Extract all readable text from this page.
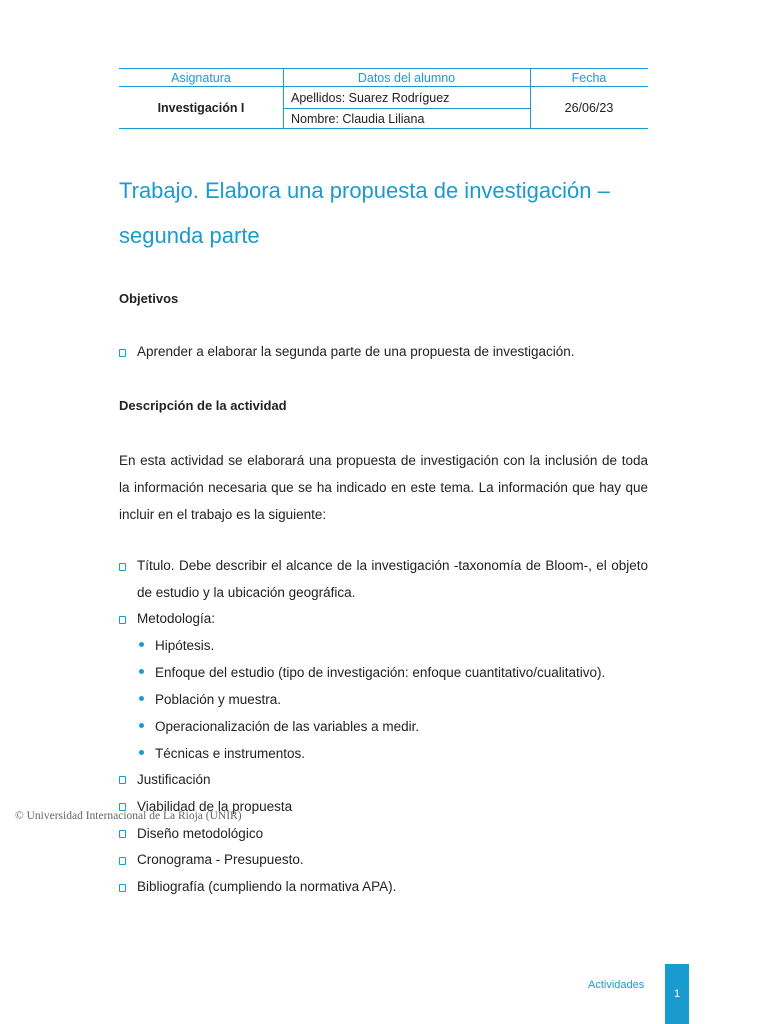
Asignatura	Datos del alumno	Fecha
Investigación I
Apellidos: Suarez Rodríguez
Nombre: Claudia Liliana
26/06/23
Trabajo. Elabora una propuesta de investigación –
segunda parte
Objetivos
Aprender a elaborar la segunda parte de una propuesta de investigación.
Descripción de la actividad

En esta actividad se elaborará una propuesta de investigación con la inclusión de toda la información necesaria que se ha indicado en este tema. La información que hay que incluir en el trabajo es la siguiente:

Título. Debe describir el alcance de la investigación -taxonomía de Bloom-, el objeto de estudio y la ubicación geográfica.
Metodología:
Hipótesis.
Enfoque del estudio (tipo de investigación: enfoque cuantitativo/cualitativo).
Población y muestra.
Operacionalización de las variables a medir.
Técnicas e instrumentos.
Justificación
Viabilidad de la propuesta
Diseño metodológico
Cronograma - Presupuesto.
Bibliografía (cumpliendo la normativa APA).
© Universidad Internacional de La Rioja (UNIR)
Actividades
1
